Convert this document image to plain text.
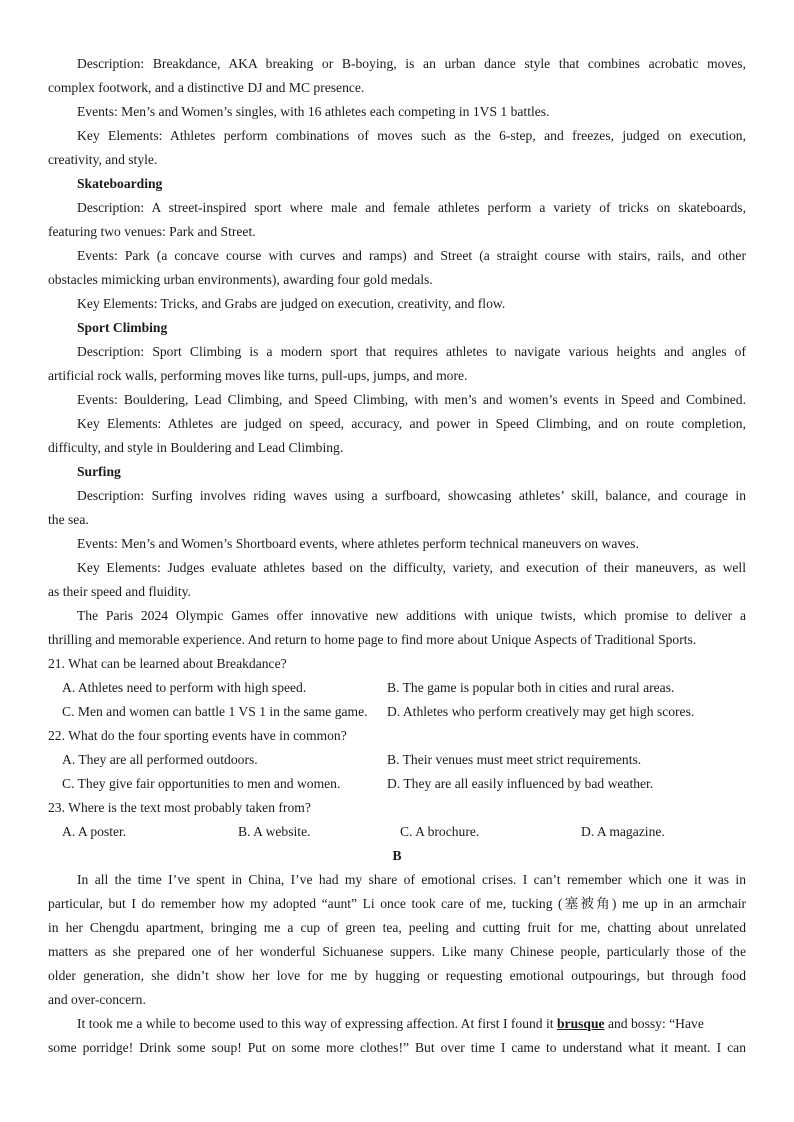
Description: Breakdance, AKA breaking or B-boying, is an urban dance style that combines acrobatic moves,

complex footwork, and a distinctive DJ and MC presence.

Events: Men’s and Women’s singles, with 16 athletes each competing in 1VS 1 battles.

Key Elements: Athletes perform combinations of moves such as the 6-step, and freezes, judged on execution,

creativity, and style.

Skateboarding

Description: A street-inspired sport where male and female athletes perform a variety of tricks on skateboards,

featuring two venues: Park and Street.

Events: Park (a concave course with curves and ramps) and Street (a straight course with stairs, rails, and other

obstacles mimicking urban environments), awarding four gold medals.

Key Elements: Tricks, and Grabs are judged on execution, creativity, and flow.

Sport Climbing

Description: Sport Climbing is a modern sport that requires athletes to navigate various heights and angles of

artificial rock walls, performing moves like turns, pull-ups, jumps, and more.

Events: Bouldering, Lead Climbing, and Speed Climbing, with men’s and women’s events in Speed and Combined.

Key Elements: Athletes are judged on speed, accuracy, and power in Speed Climbing, and on route completion,

difficulty, and style in Bouldering and Lead Climbing.

Surfing

Description: Surfing involves riding waves using a surfboard, showcasing athletes’ skill, balance, and courage in

the sea.

Events: Men’s and Women’s Shortboard events, where athletes perform technical maneuvers on waves.

Key Elements: Judges evaluate athletes based on the difficulty, variety, and execution of their maneuvers, as well

as their speed and fluidity.

The Paris 2024 Olympic Games offer innovative new additions with unique twists, which promise to deliver a

thrilling and memorable experience. And return to home page to find more about Unique Aspects of Traditional Sports.

21. What can be learned about Breakdance?

A. Athletes need to perform with high speed.	B. The game is popular both in cities and rural areas.
C. Men and women can battle 1 VS 1 in the same game.	D. Athletes who perform creatively may get high scores.

22. What do the four sporting events have in common?

A. They are all performed outdoors.	B. Their venues must meet strict requirements.
C. They give fair opportunities to men and women.	D. They are all easily influenced by bad weather.

23. Where is the text most probably taken from?

A. A poster.	B. A website.	C. A brochure.	D. A magazine.

B

In all the time I’ve spent in China, I’ve had my share of emotional crises. I can’t remember which one it was in

particular, but I do remember how my adopted “aunt” Li once took care of me, tucking (塞被角) me up in an armchair

in her Chengdu apartment, bringing me a cup of green tea, peeling and cutting fruit for me, chatting about unrelated

matters as she prepared one of her wonderful Sichuanese suppers. Like many Chinese people, particularly those of the

older generation, she didn’t show her love for me by hugging or requesting emotional outpourings, but through food

and over-concern.

It took me a while to become used to this way of expressing affection. At first I found it brusque and bossy: “Have

some porridge! Drink some soup! Put on some more clothes!” But over time I came to understand what it meant. I can
